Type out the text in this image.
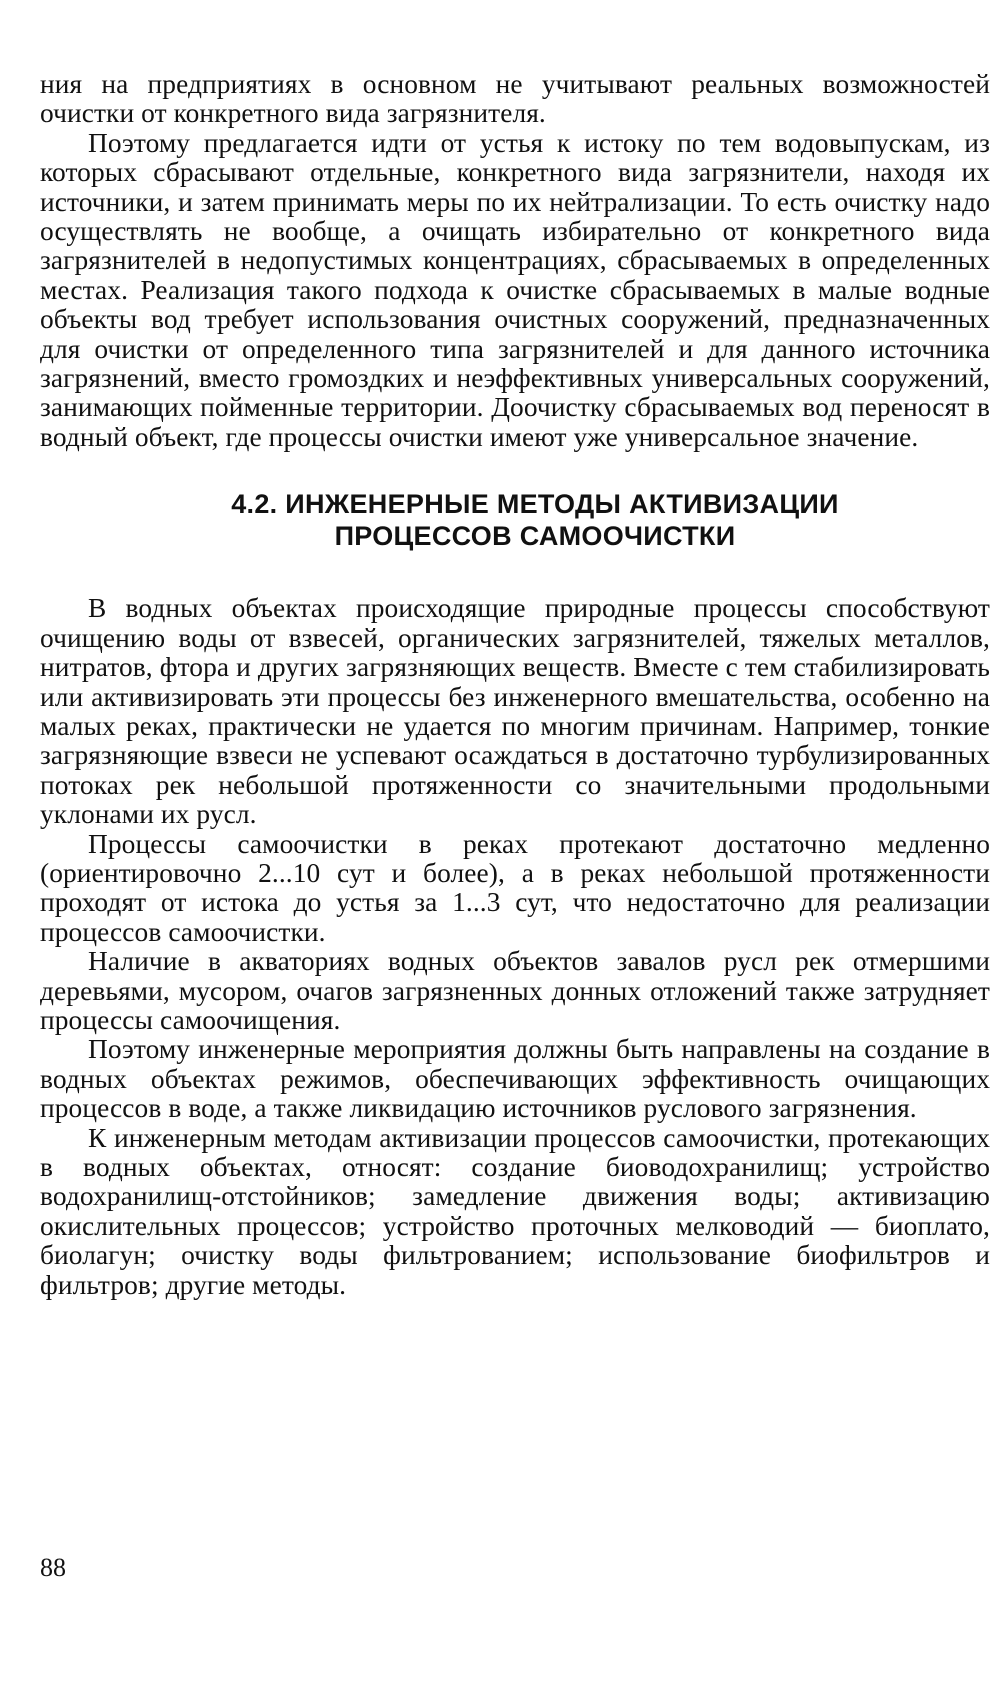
ния на предприятиях в основном не учитывают реальных возможностей очистки от конкретного вида загрязнителя.

Поэтому предлагается идти от устья к истоку по тем водовыпускам, из которых сбрасывают отдельные, конкретного вида загрязнители, находя их источники, и затем принимать меры по их нейтрализации. То есть очистку надо осуществлять не вообще, а очищать избирательно от конкретного вида загрязнителей в недопустимых концентрациях, сбрасываемых в определенных местах. Реализация такого подхода к очистке сбрасываемых в малые водные объекты вод требует использования очистных сооружений, предназначенных для очистки от определенного типа загрязнителей и для данного источника загрязнений, вместо громоздких и неэффективных универсальных сооружений, занимающих пойменные территории. Доочистку сбрасываемых вод переносят в водный объект, где процессы очистки имеют уже универсальное значение.

4.2. ИНЖЕНЕРНЫЕ МЕТОДЫ АКТИВИЗАЦИИ
ПРОЦЕССОВ САМООЧИСТКИ

В водных объектах происходящие природные процессы способствуют очищению воды от взвесей, органических загрязнителей, тяжелых металлов, нитратов, фтора и других загрязняющих веществ. Вместе с тем стабилизировать или активизировать эти процессы без инженерного вмешательства, особенно на малых реках, практически не удается по многим причинам. Например, тонкие загрязняющие взвеси не успевают осаждаться в достаточно турбулизированных потоках рек небольшой протяженности со значительными продольными уклонами их русл.

Процессы самоочистки в реках протекают достаточно медленно (ориентировочно 2...10 сут и более), а в реках небольшой протяженности проходят от истока до устья за 1...3 сут, что недостаточно для реализации процессов самоочистки.

Наличие в акваториях водных объектов завалов русл рек отмершими деревьями, мусором, очагов загрязненных донных отложений также затрудняет процессы самоочищения.

Поэтому инженерные мероприятия должны быть направлены на создание в водных объектах режимов, обеспечивающих эффективность очищающих процессов в воде, а также ликвидацию источников руслового загрязнения.

К инженерным методам активизации процессов самоочистки, протекающих в водных объектах, относят: создание биоводохранилищ; устройство водохранилищ-отстойников; замедление движения воды; активизацию окислительных процессов; устройство проточных мелководий — биоплато, биолагун; очистку воды фильтрованием; использование биофильтров и фильтров; другие методы.

88
